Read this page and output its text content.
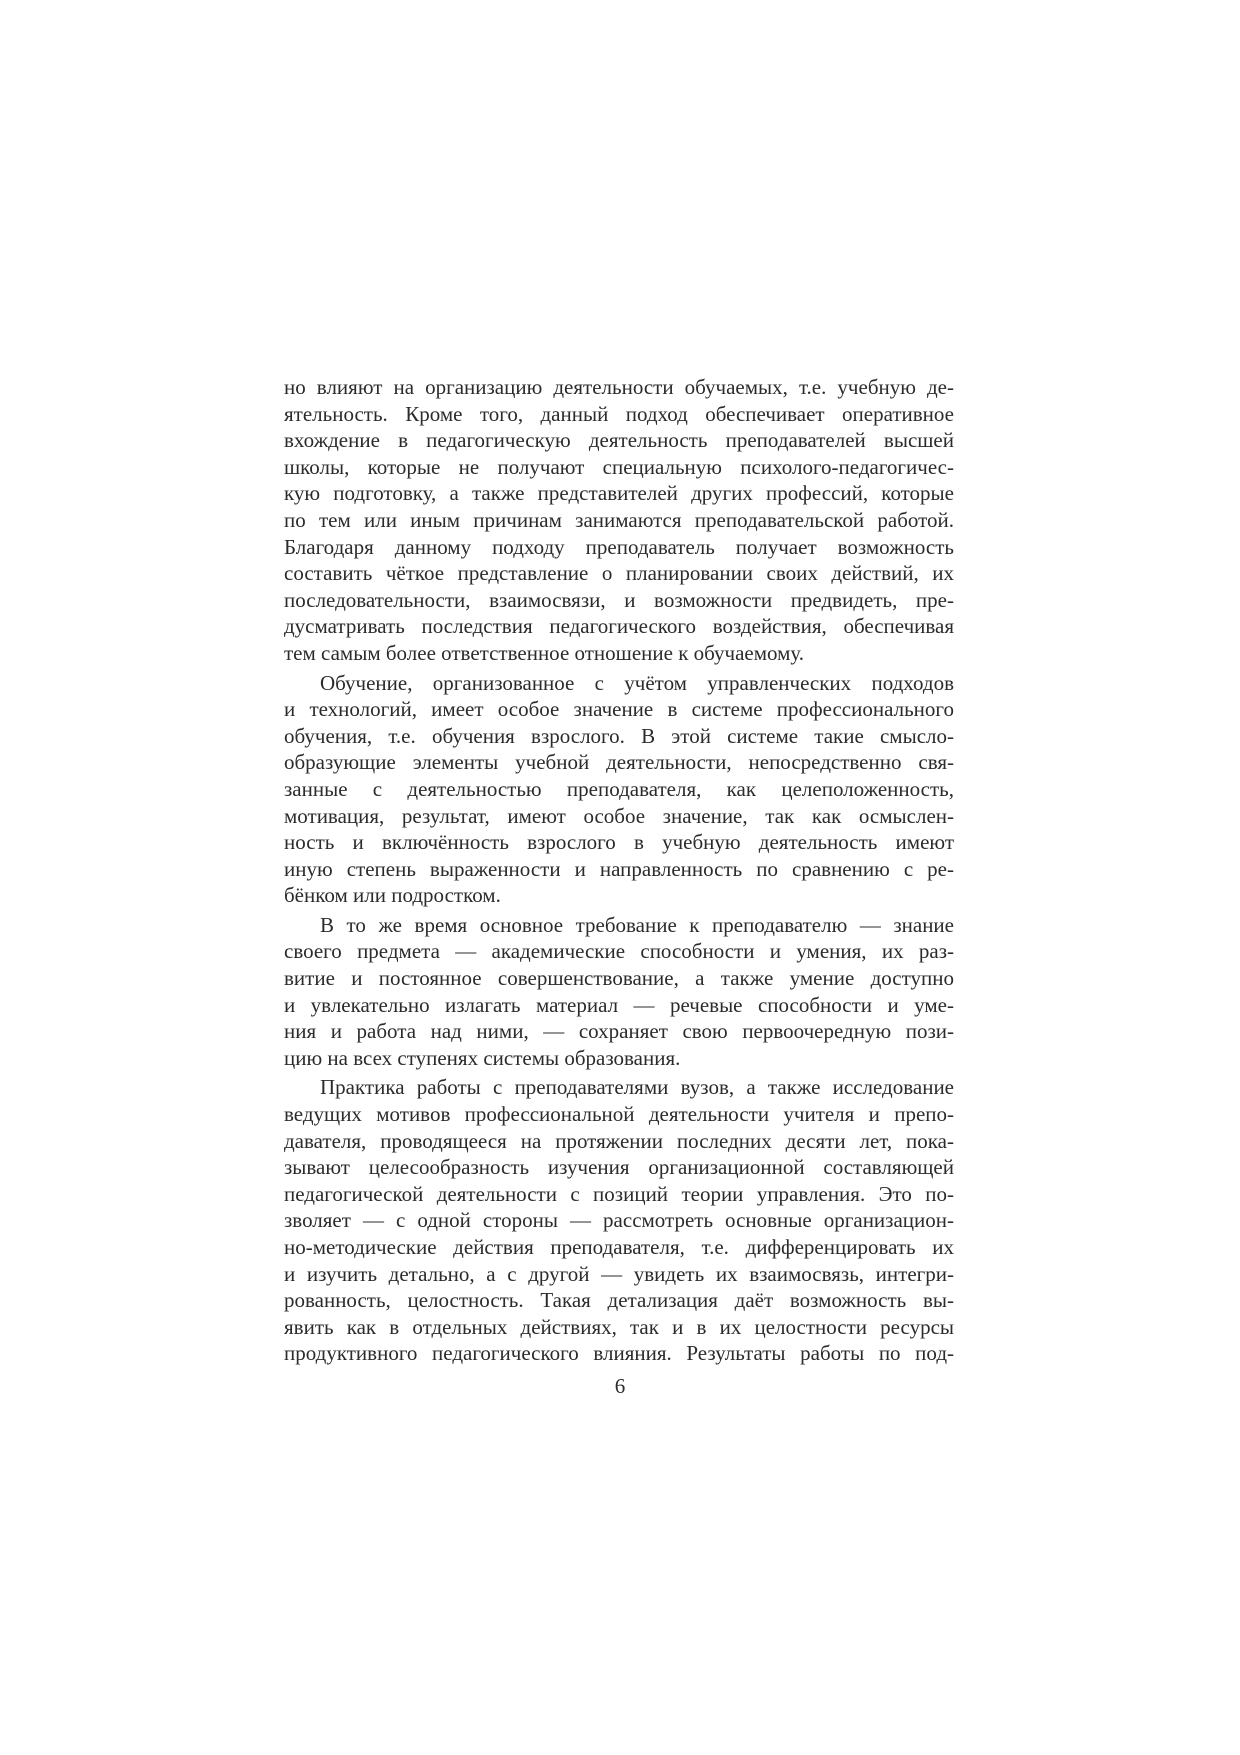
но влияют на организацию деятельности обучаемых, т.е. учебную де-
ятельность. Кроме того, данный подход обеспечивает оперативное
вхождение в педагогическую деятельность преподавателей высшей
школы, которые не получают специальную психолого-педагогичес-
кую подготовку, а также представителей других профессий, которые
по тем или иным причинам занимаются преподавательской работой.
Благодаря данному подходу преподаватель получает возможность
составить чёткое представление о планировании своих действий, их
последовательности, взаимосвязи, и возможности предвидеть, пре-
дусматривать последствия педагогического воздействия, обеспечивая
тем самым более ответственное отношение к обучаемому.
Обучение, организованное с учётом управленческих подходов
и технологий, имеет особое значение в системе профессионального
обучения, т.е. обучения взрослого. В этой системе такие смысло-
образующие элементы учебной деятельности, непосредственно свя-
занные с деятельностью преподавателя, как целеположенность,
мотивация, результат, имеют особое значение, так как осмыслен-
ность и включённость взрослого в учебную деятельность имеют
иную степень выраженности и направленность по сравнению с ре-
бёнком или подростком.
В то же время основное требование к преподавателю — знание
своего предмета — академические способности и умения, их раз-
витие и постоянное совершенствование, а также умение доступно
и увлекательно излагать материал — речевые способности и уме-
ния и работа над ними, — сохраняет свою первоочередную пози-
цию на всех ступенях системы образования.
Практика работы с преподавателями вузов, а также исследование
ведущих мотивов профессиональной деятельности учителя и препо-
давателя, проводящееся на протяжении последних десяти лет, пока-
зывают целесообразность изучения организационной составляющей
педагогической деятельности с позиций теории управления. Это по-
зволяет — с одной стороны — рассмотреть основные организацион-
но-методические действия преподавателя, т.е. дифференцировать их
и изучить детально, а с другой — увидеть их взаимосвязь, интегри-
рованность, целостность. Такая детализация даёт возможность вы-
явить как в отдельных действиях, так и в их целостности ресурсы
продуктивного педагогического влияния. Результаты работы по под-
6
